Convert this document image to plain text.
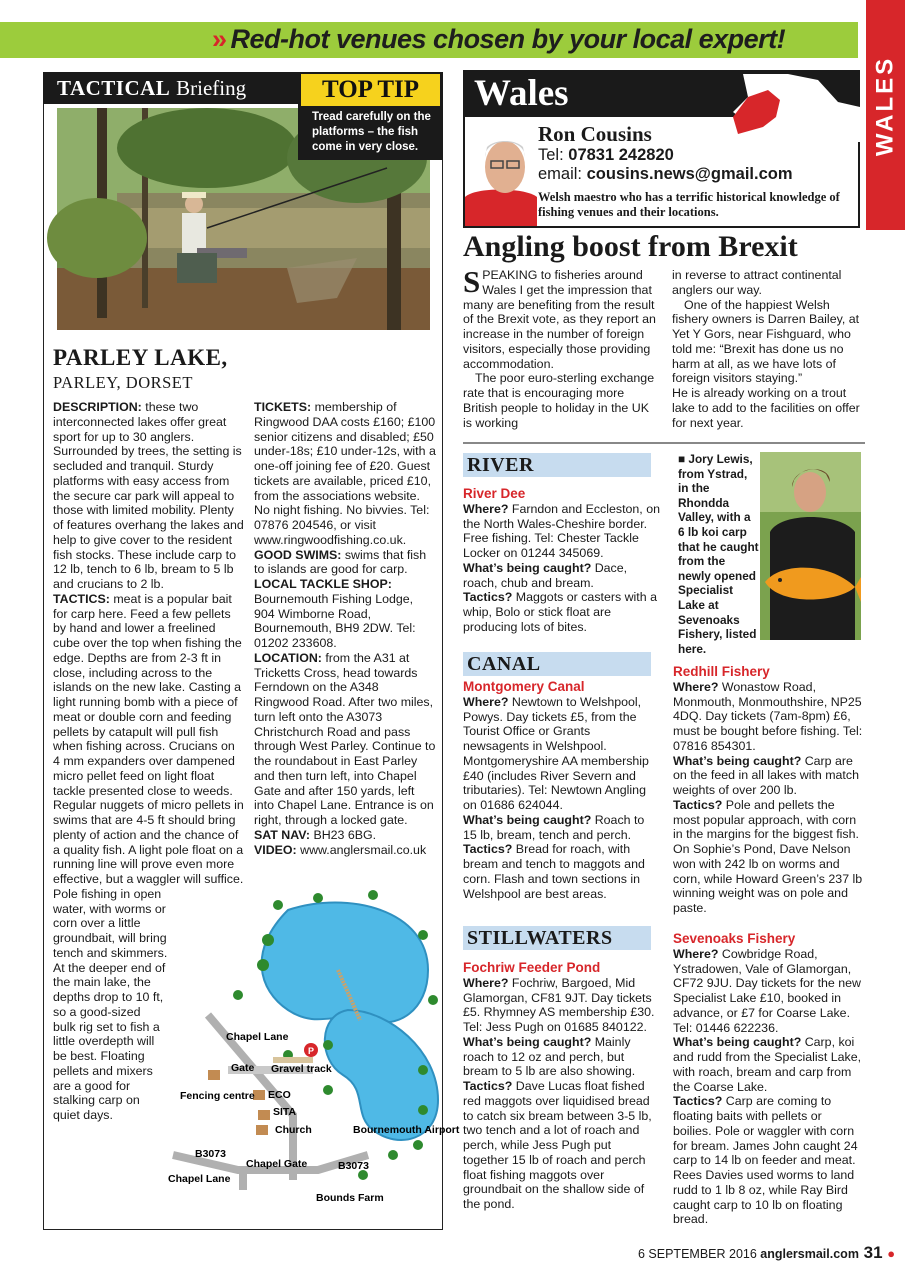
» Red-hot venues chosen by your local expert!
WALES
TACTICAL Briefing	TOP TIP
Tread carefully on the platforms – the fish come in very close.
PARLEY LAKE,
PARLEY, DORSET
DESCRIPTION: these two interconnected lakes offer great sport for up to 30 anglers. Surrounded by trees, the setting is secluded and tranquil. Sturdy platforms with easy access from the secure car park will appeal to those with limited mobility. Plenty of features overhang the lakes and help to give cover to the resident fish stocks. These include carp to 12 lb, tench to 6 lb, bream to 5 lb and crucians to 2 lb.
TACTICS: meat is a popular bait for carp here. Feed a few pellets by hand and lower a freelined cube over the top when fishing the edge. Depths are from 2-3 ft in close, including across to the islands on the new lake. Casting a light running bomb with a piece of meat or double corn and feeding pellets by catapult will pull fish when fishing across. Crucians on 4 mm expanders over dampened micro pellet feed on light float tackle presented close to weeds. Regular nuggets of micro pellets in swims that are 4-5 ft should bring plenty of action and the chance of a quality fish. A light pole float on a running line will prove even more effective, but a waggler will suffice.
Pole fishing in open water, with worms or corn over a little groundbait, will bring tench and skimmers.
At the deeper end of the main lake, the depths drop to 10 ft, so a good-sized bulk rig set to fish a little overdepth will be best. Floating pellets and mixers are a good for stalking carp on quiet days.
TICKETS: membership of Ringwood DAA costs £160; £100 senior citizens and disabled; £50 under-18s; £10 under-12s, with a one-off joining fee of £20. Guest tickets are available, priced £10, from the associations website. No night fishing. No bivvies. Tel: 07876 204546, or visit www.ringwoodfishing.co.uk.
GOOD SWIMS: swims that fish to islands are good for carp.
LOCAL TACKLE SHOP: Bournemouth Fishing Lodge, 904 Wimborne Road, Bournemouth, BH9 2DW. Tel: 01202 233608.
LOCATION: from the A31 at Tricketts Cross, head towards Ferndown on the A348 Ringwood Road. After two miles, turn left onto the A3073 Christchurch Road and pass through West Parley. Continue to the roundabout in East Parley and then turn left, into Chapel Gate and after 150 yards, left into Chapel Lane. Entrance is on right, through a locked gate.
SAT NAV: BH23 6BG.
VIDEO: www.anglersmail.co.uk
P
Chapel Lane
Gate Gravel track
Fencing centre ECO
SITA
Church	Bournemouth Airport
B3073
Chapel Gate	B3073
Chapel Lane
Bounds Farm
Wales
Ron Cousins
Tel: 07831 242820
email: cousins.news@gmail.com
Welsh maestro who has a terrific historical knowledge of fishing venues and their locations.
Angling boost from Brexit
SPEAKING to fisheries around Wales I get the impression that many are benefiting from the result of the Brexit vote, as they report an increase in the number of foreign visitors, especially those providing accommodation.
The poor euro-sterling exchange rate that is encouraging more British people to holiday in the UK is working
in reverse to attract continental anglers our way.
One of the happiest Welsh fishery owners is Darren Bailey, at Yet Y Gors, near Fishguard, who told me: “Brexit has done us no harm at all, as we have lots of foreign visitors staying.”
He is already working on a trout lake to add to the facilities on offer for next year.
RIVER
River Dee
Where? Farndon and Eccleston, on the North Wales-Cheshire border. Free fishing. Tel: Chester Tackle Locker on 01244 345069.
What’s being caught? Dace, roach, chub and bream.
Tactics? Maggots or casters with a whip, Bolo or stick float are producing lots of bites.
■ Jory Lewis, from Ystrad, in the Rhondda Valley, with a 6 lb koi carp that he caught from the newly opened Specialist Lake at Sevenoaks Fishery, listed here.
CANAL
Montgomery Canal
Where? Newtown to Welshpool, Powys. Day tickets £5, from the Tourist Office or Grants newsagents in Welshpool. Montgomeryshire AA membership £40 (includes River Severn and tributaries). Tel: Newtown Angling on 01686 624044.
What’s being caught? Roach to 15 lb, bream, tench and perch.
Tactics? Bread for roach, with bream and tench to maggots and corn. Flash and town sections in Welshpool are best areas.
STILLWATERS
Fochriw Feeder Pond
Where? Fochriw, Bargoed, Mid Glamorgan, CF81 9JT. Day tickets £5. Rhymney AS membership £30. Tel: Jess Pugh on 01685 840122.
What’s being caught? Mainly roach to 12 oz and perch, but bream to 5 lb are also showing.
Tactics? Dave Lucas float fished red maggots over liquidised bread to catch six bream between 3-5 lb, two tench and a lot of roach and perch, while Jess Pugh put together 15 lb of roach and perch float fishing maggots over groundbait on the shallow side of the pond.
Redhill Fishery
Where? Wonastow Road, Monmouth, Monmouthshire, NP25 4DQ. Day tickets (7am-8pm) £6, must be bought before fishing. Tel: 07816 854301.
What’s being caught? Carp are on the feed in all lakes with match weights of over 200 lb.
Tactics? Pole and pellets the most popular approach, with corn in the margins for the biggest fish. On Sophie’s Pond, Dave Nelson won with 242 lb on worms and corn, while Howard Green’s 237 lb winning weight was on pole and paste.
Sevenoaks Fishery
Where? Cowbridge Road, Ystradowen, Vale of Glamorgan, CF72 9JU. Day tickets for the new Specialist Lake £10, booked in advance, or £7 for Coarse Lake. Tel: 01446 622236.
What’s being caught? Carp, koi and rudd from the Specialist Lake, with roach, bream and carp from the Coarse Lake.
Tactics? Carp are coming to floating baits with pellets or boilies. Pole or waggler with corn for bream. James John caught 24 carp to 14 lb on feeder and meat. Rees Davies used worms to land rudd to 1 lb 8 oz, while Ray Bird caught carp to 10 lb on floating bread.
6 SEPTEMBER 2016 anglersmail.com 31 ●
